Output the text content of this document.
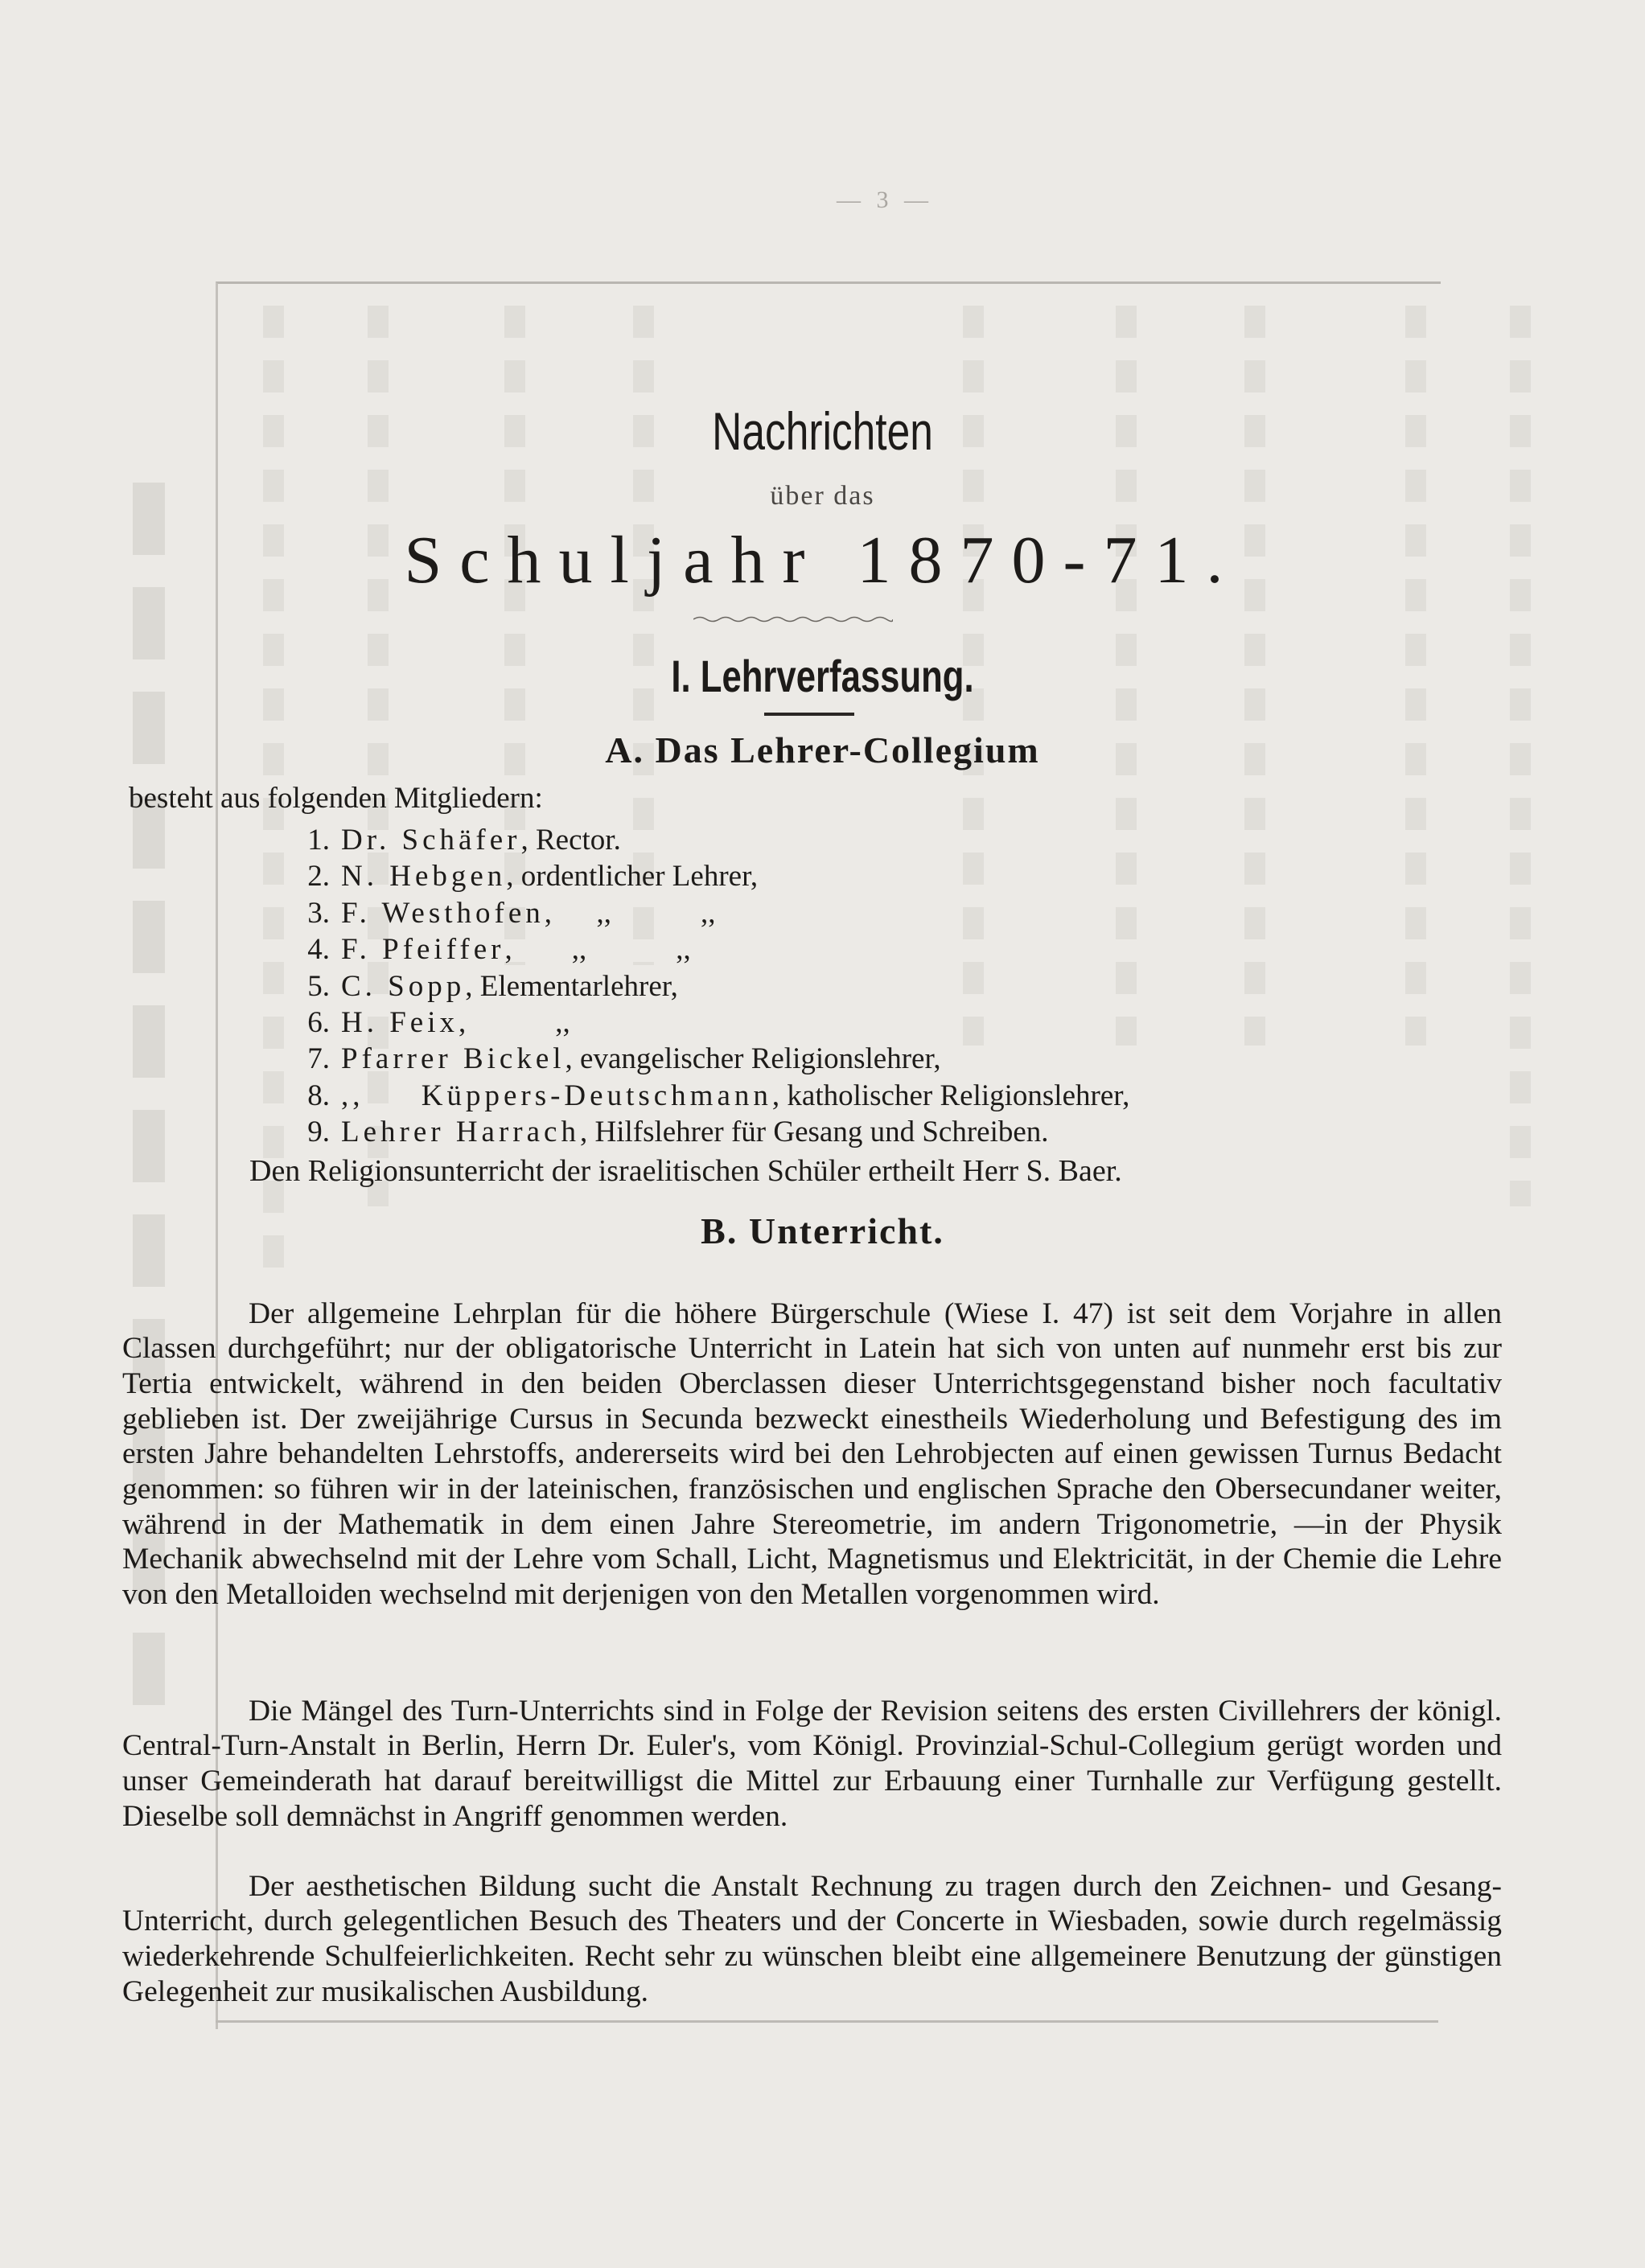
— 3 —
Nachrichten
über das
Schuljahr 1870-71.
I. Lehrverfassung.
A. Das Lehrer-Collegium
besteht aus folgenden Mitgliedern:
1. Dr. Schäfer, Rector.
2. N. Hebgen, ordentlicher Lehrer,
3. F. Westhofen,      ,,            ,,
4. F. Pfeiffer,        ,,            ,,
5. C. Sopp, Elementarlehrer,
6. H. Feix,            ,,
7. Pfarrer Bickel, evangelischer Religionslehrer,
8. ,,     Küppers-Deutschmann, katholischer Religionslehrer,
9. Lehrer Harrach, Hilfslehrer für Gesang und Schreiben.
Den Religionsunterricht der israelitischen Schüler ertheilt Herr S. Baer.
B. Unterricht.

Der allgemeine Lehrplan für die höhere Bürgerschule (Wiese I. 47) ist seit dem Vorjahre in allen Classen durchgeführt; nur der obligatorische Unterricht in Latein hat sich von unten auf nunmehr erst bis zur Tertia entwickelt, während in den beiden Oberclassen dieser Unterrichtsgegenstand bisher noch facultativ geblieben ist. Der zweijährige Cursus in Secunda bezweckt einestheils Wiederholung und Befestigung des im ersten Jahre behandelten Lehrstoffs, andererseits wird bei den Lehrobjecten auf einen gewissen Turnus Bedacht genommen: so führen wir in der lateinischen, französischen und englischen Sprache den Obersecundaner weiter, während in der Mathematik in dem einen Jahre Stereometrie, im andern Trigonometrie, —in der Physik Mechanik abwechselnd mit der Lehre vom Schall, Licht, Magnetismus und Elektricität, in der Chemie die Lehre von den Metalloiden wechselnd mit derjenigen von den Metallen vorgenommen wird.

Die Mängel des Turn-Unterrichts sind in Folge der Revision seitens des ersten Civillehrers der königl. Central-Turn-Anstalt in Berlin, Herrn Dr. Euler's, vom Königl. Provinzial-Schul-Collegium gerügt worden und unser Gemeinderath hat darauf bereitwilligst die Mittel zur Erbauung einer Turnhalle zur Verfügung gestellt. Dieselbe soll demnächst in Angriff genommen werden.

Der aesthetischen Bildung sucht die Anstalt Rechnung zu tragen durch den Zeichnen- und Gesang-Unterricht, durch gelegentlichen Besuch des Theaters und der Concerte in Wiesbaden, sowie durch regelmässig wiederkehrende Schulfeierlichkeiten. Recht sehr zu wünschen bleibt eine allgemeinere Benutzung der günstigen Gelegenheit zur musikalischen Ausbildung.
